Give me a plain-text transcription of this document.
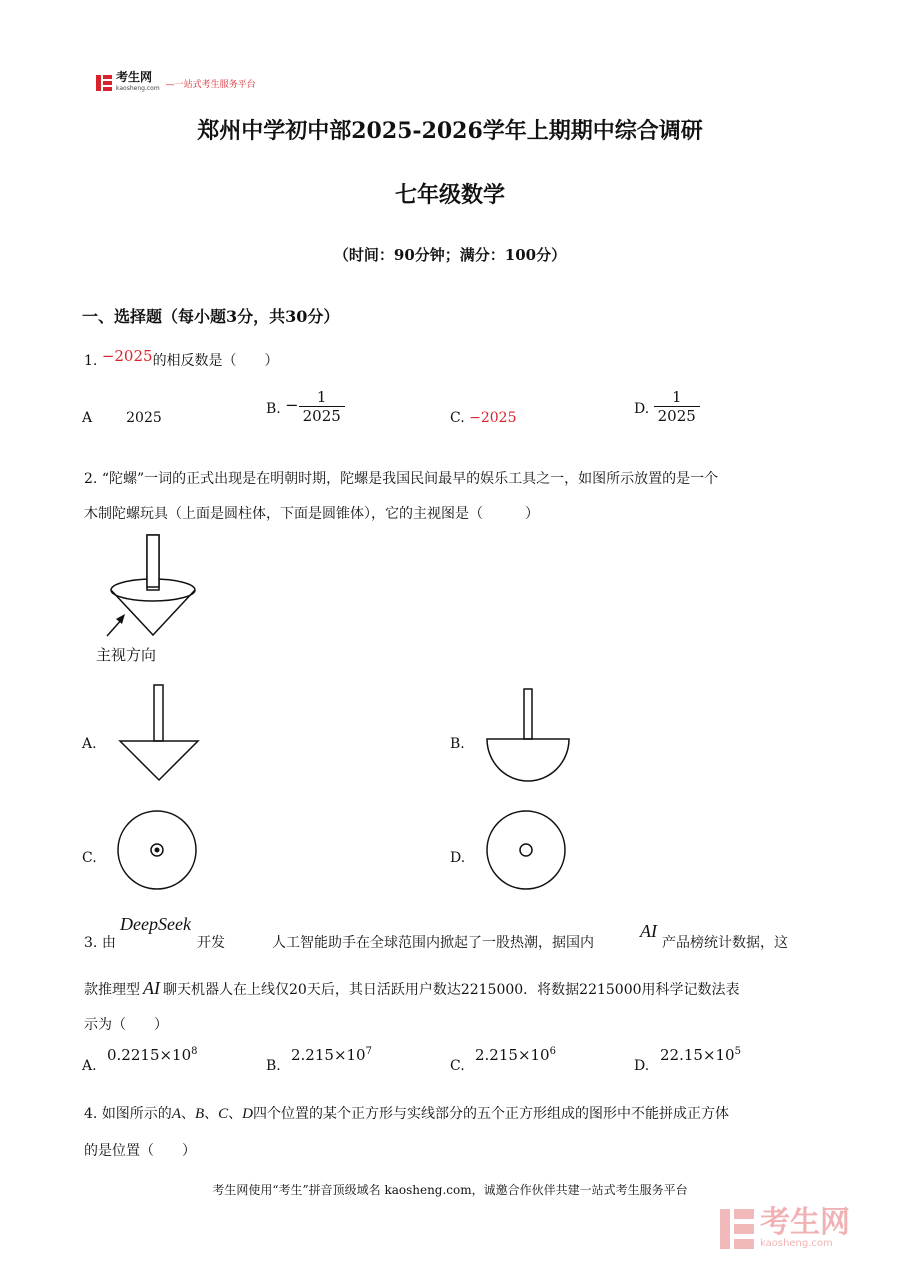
考生网
kaosheng.com —一站式考生服务平台
郑州中学初中部2025-2026学年上期期中综合调研
七年级数学
（时间：90分钟；满分：100分）
一、选择题（每小题3分，共30分）
1. −2025的相反数是（　　）
A 2025
B. − $\frac{1}{2025}$	C. −2025
D. $\frac{1}{2025}$
2. “陀螺”一词的正式出现是在明朝时期，陀螺是我国民间最早的娱乐工具之一，如图所示放置的是一个
木制陀螺玩具（上面是圆柱体，下面是圆锥体），它的主视图是（　　　）
主视方向
A.	B.
C.	D.
3. 由
DeepSeek
开发	人工智能助手在全球范围内掀起了一股热潮，据国内
AI
产品榜统计数据，这
款推理型 AI 聊天机器人在上线仅20天后，其日活跃用户数达2215000．将数据2215000用科学记数法表
示为（　　）
A.
$0.2215\times 10^8$
B.
$2.215\times 10^7$
C.
$2.215\times 10^6$
D.
$22.15\times 10^5$
4. 如图所示的A、B、C、D四个位置的某个正方形与实线部分的五个正方形组成的图形中不能拼成正方体
的是位置（　　）
考生网使用“考生”拼音顶级域名 kaosheng.com，诚邀合作伙伴共建一站式考生服务平台
考生网
kaosheng.com
